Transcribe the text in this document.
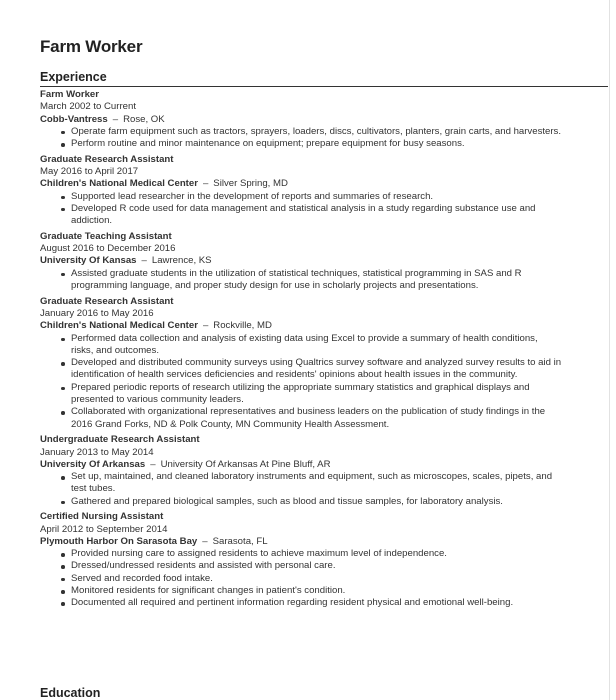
Farm Worker
Experience
Farm Worker
March 2002 to Current
Cobb-Vantress – Rose, OK
Operate farm equipment such as tractors, sprayers, loaders, discs, cultivators, planters, grain carts, and harvesters.
Perform routine and minor maintenance on equipment; prepare equipment for busy seasons.
Graduate Research Assistant
May 2016 to April 2017
Children's National Medical Center – Silver Spring, MD
Supported lead researcher in the development of reports and summaries of research.
Developed R code used for data management and statistical analysis in a study regarding substance use and addiction.
Graduate Teaching Assistant
August 2016 to December 2016
University Of Kansas – Lawrence, KS
Assisted graduate students in the utilization of statistical techniques, statistical programming in SAS and R programming language, and proper study design for use in scholarly projects and presentations.
Graduate Research Assistant
January 2016 to May 2016
Children's National Medical Center – Rockville, MD
Performed data collection and analysis of existing data using Excel to provide a summary of health conditions, risks, and outcomes.
Developed and distributed community surveys using Qualtrics survey software and analyzed survey results to aid in identification of health services deficiencies and residents' opinions about health issues in the community.
Prepared periodic reports of research utilizing the appropriate summary statistics and graphical displays and presented to various community leaders.
Collaborated with organizational representatives and business leaders on the publication of study findings in the 2016 Grand Forks, ND & Polk County, MN Community Health Assessment.
Undergraduate Research Assistant
January 2013 to May 2014
University Of Arkansas – University Of Arkansas At Pine Bluff, AR
Set up, maintained, and cleaned laboratory instruments and equipment, such as microscopes, scales, pipets, and test tubes.
Gathered and prepared biological samples, such as blood and tissue samples, for laboratory analysis.
Certified Nursing Assistant
April 2012 to September 2014
Plymouth Harbor On Sarasota Bay – Sarasota, FL
Provided nursing care to assigned residents to achieve maximum level of independence.
Dressed/undressed residents and assisted with personal care.
Served and recorded food intake.
Monitored residents for significant changes in patient's condition.
Documented all required and pertinent information regarding resident physical and emotional well-being.
Education
